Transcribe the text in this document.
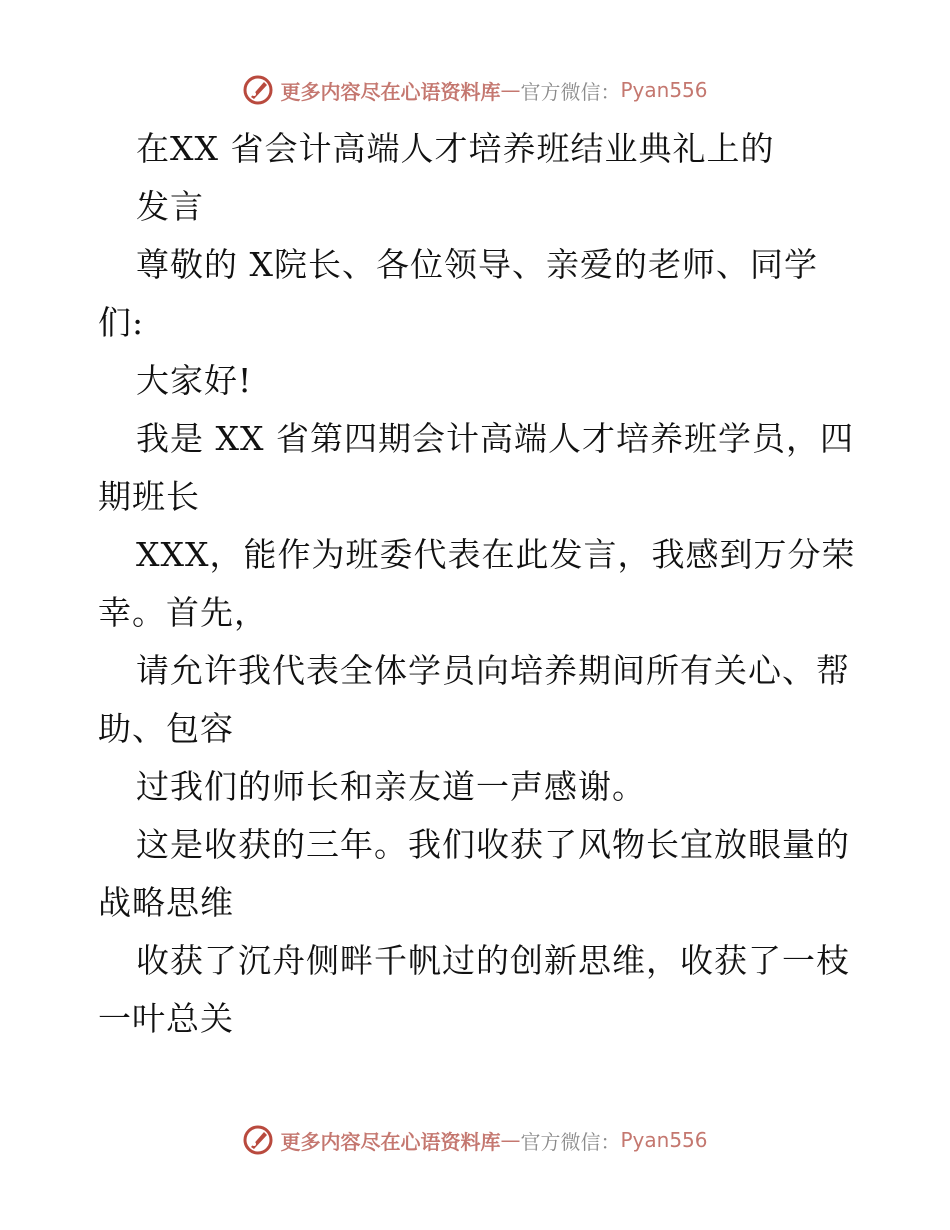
更多内容尽在心语资料库 — 官方微信： Pyan556
在XX 省会计高端人才培养班结业典礼上的
发言
尊敬的 X院长、各位领导、亲爱的老师、同学
们:
大家好!
我是 XX 省第四期会计高端人才培养班学员，四
期班长
XXX，能作为班委代表在此发言，我感到万分荣
幸。首先，
请允许我代表全体学员向培养期间所有关心、帮
助、包容
过我们的师长和亲友道一声感谢。
这是收获的三年。我们收获了风物长宜放眼量的
战略思维
收获了沉舟侧畔千帆过的创新思维，收获了一枝
一叶总关
更多内容尽在心语资料库 — 官方微信： Pyan556
